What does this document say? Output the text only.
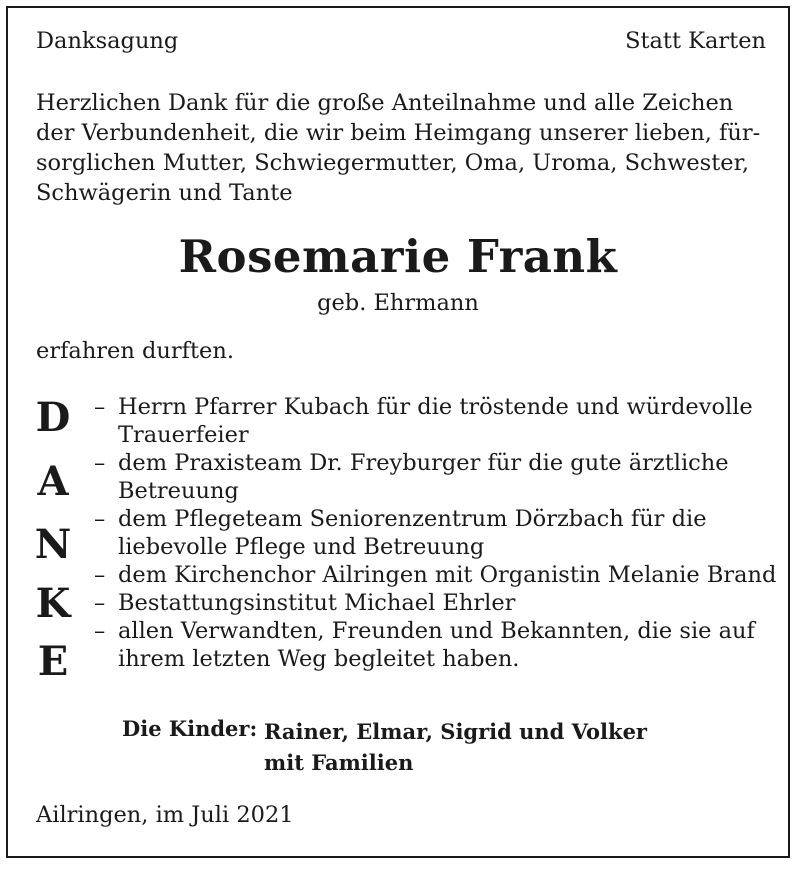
Danksagung	Statt Karten
Herzlichen Dank für die große Anteilnahme und alle Zeichen
der Verbundenheit, die wir beim Heimgang unserer lieben, für-
sorglichen Mutter, Schwiegermutter, Oma, Uroma, Schwester,
Schwägerin und Tante
Rosemarie Frank
geb. Ehrmann
erfahren durften.
D
A
N
K
E
– Herrn Pfarrer Kubach für die tröstende und würdevolle
Trauerfeier
– dem Praxisteam Dr. Freyburger für die gute ärztliche
Betreuung
– dem Pflegeteam Seniorenzentrum Dörzbach für die
liebevolle Pflege und Betreuung
– dem Kirchenchor Ailringen mit Organistin Melanie Brand
– Bestattungsinstitut Michael Ehrler
– allen Verwandten, Freunden und Bekannten, die sie auf
ihrem letzten Weg begleitet haben.
Die Kinder: Rainer, Elmar, Sigrid und Volker
mit Familien
Ailringen, im Juli 2021
